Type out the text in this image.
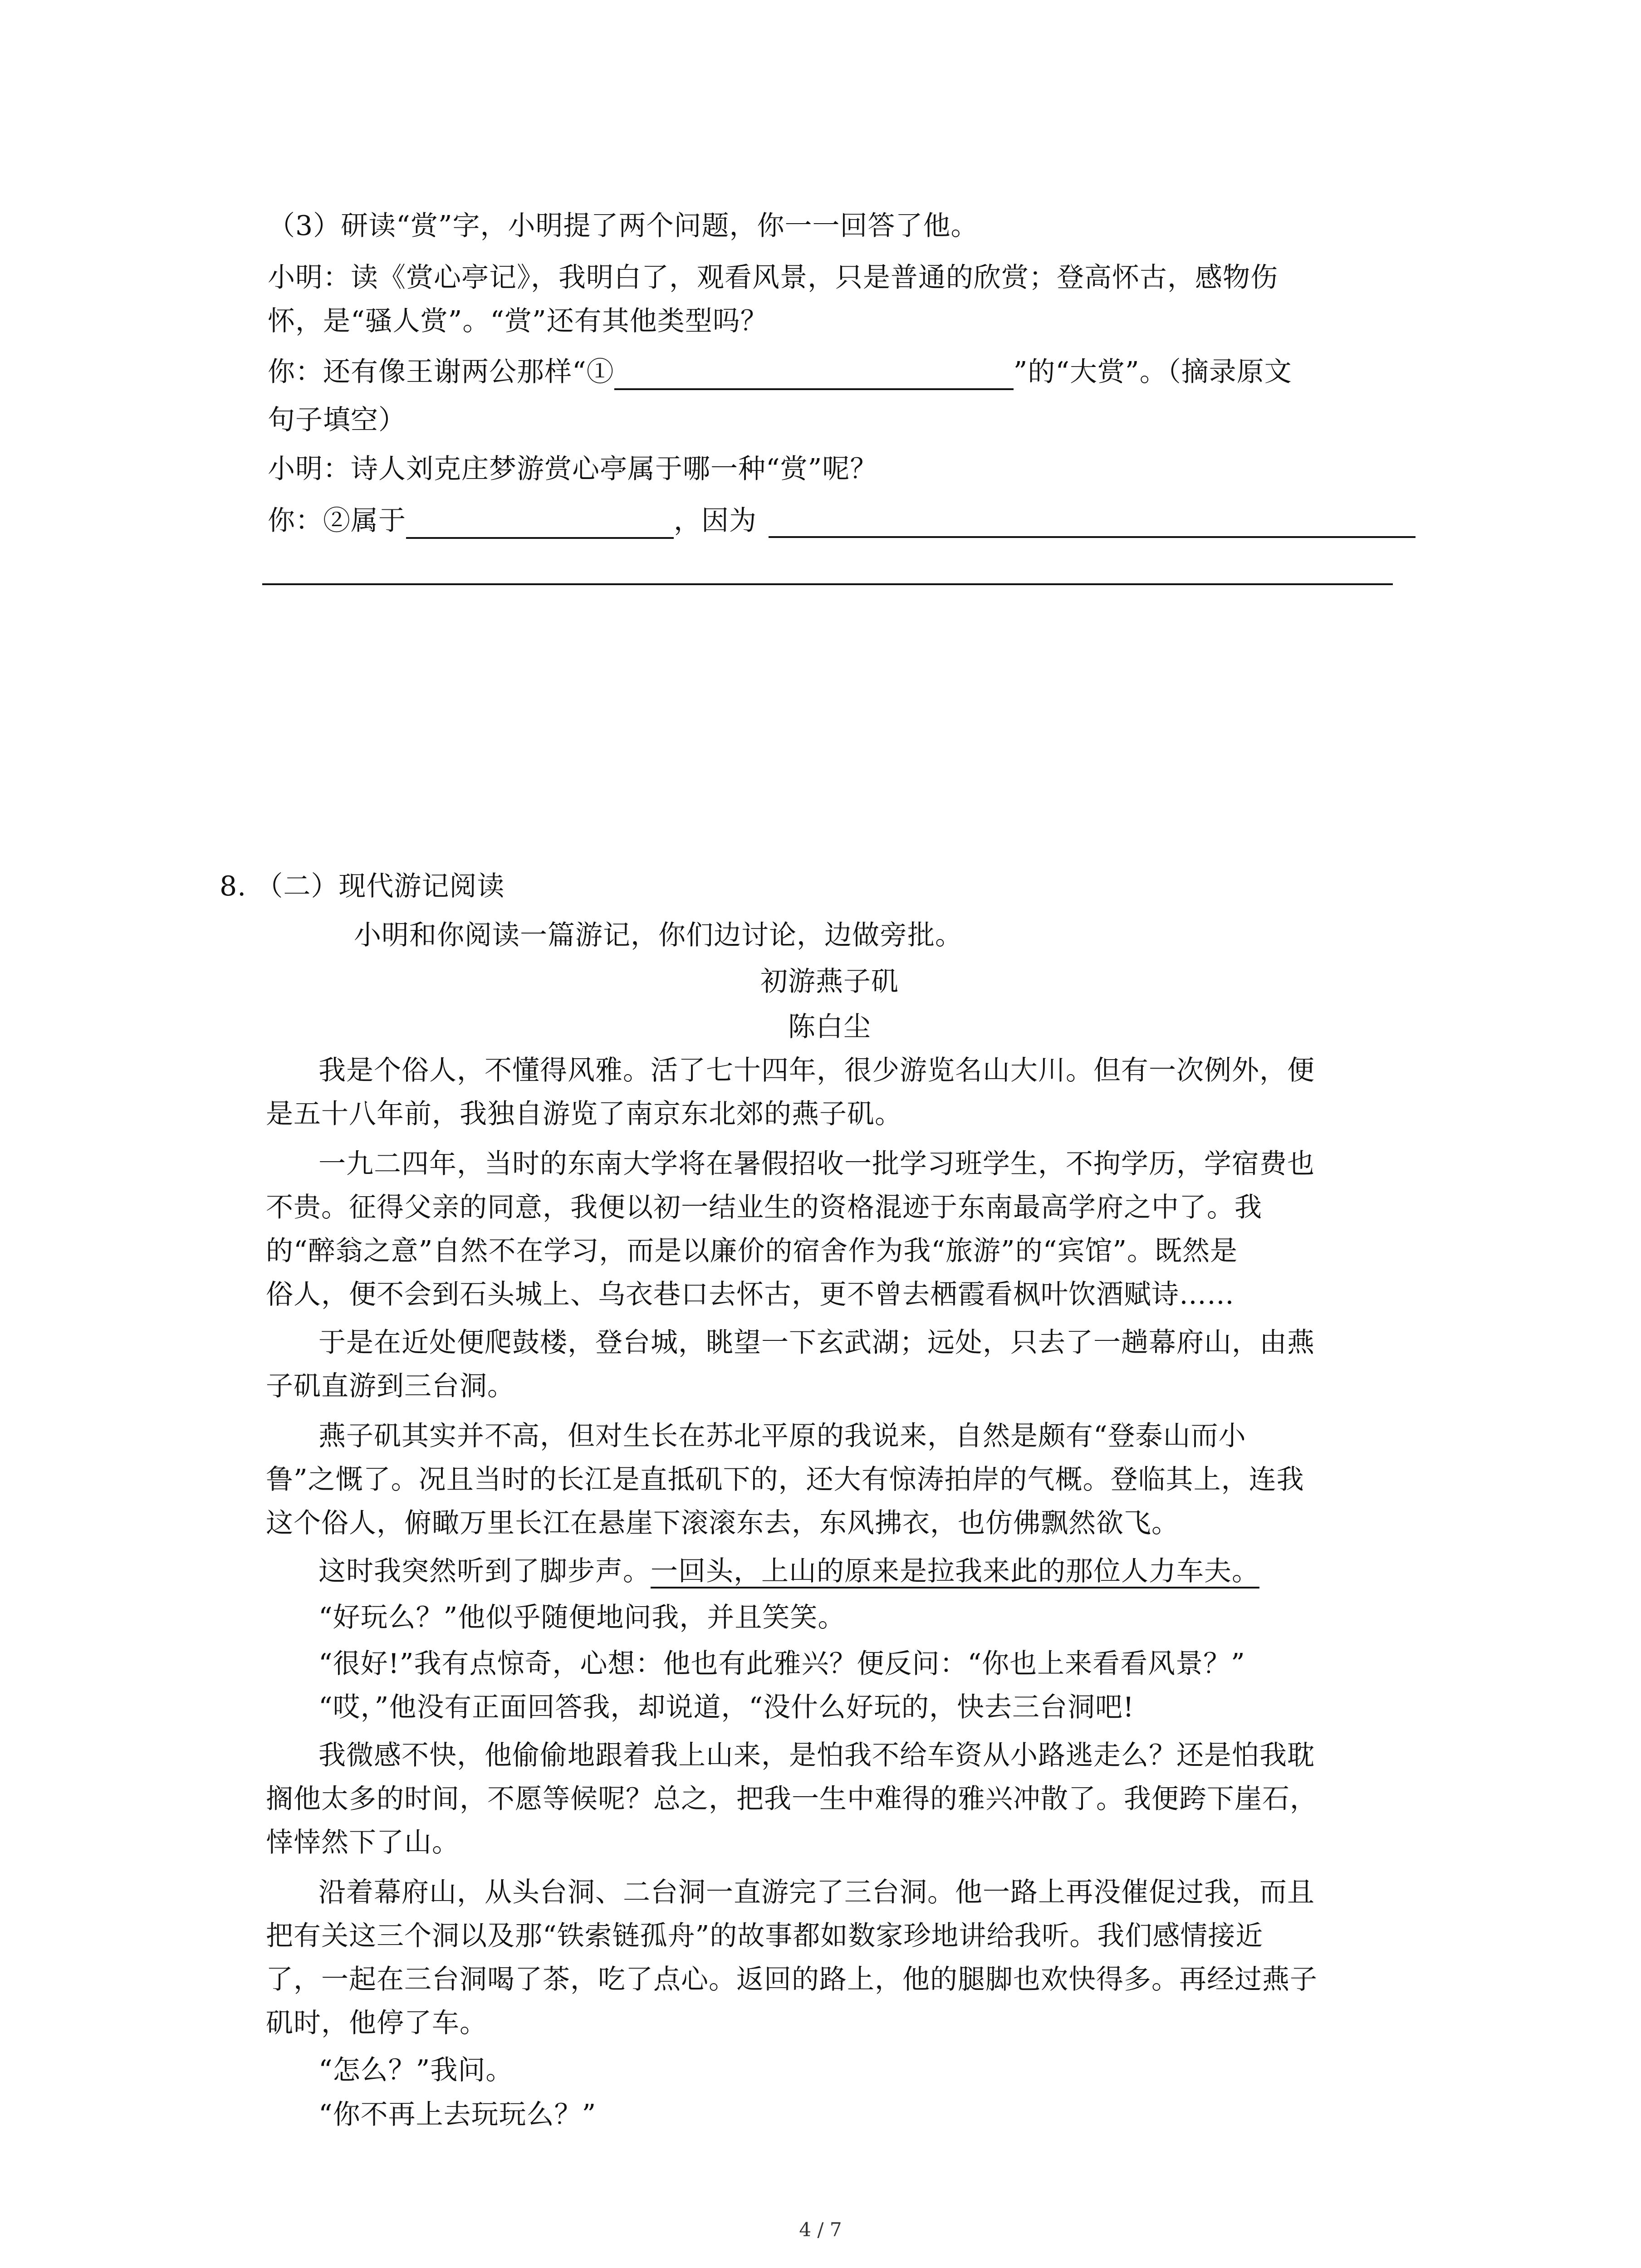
（3）研读“赏”字，小明提了两个问题，你一一回答了他。
小明：读《赏心亭记》，我明白了，观看风景，只是普通的欣赏；登高怀古，感物伤
怀，是“骚人赏”。“赏”还有其他类型吗？
你：还有像王谢两公那样“①	”的“大赏”。（摘录原文
句子填空）
小明：诗人刘克庄梦游赏心亭属于哪一种“赏”呢？
你：②属于	，因为
8. （二）现代游记阅读
小明和你阅读一篇游记，你们边讨论，边做旁批。
初游燕子矶
陈白尘
我是个俗人，不懂得风雅。活了七十四年，很少游览名山大川。但有一次例外，便
是五十八年前，我独自游览了南京东北郊的燕子矶。
一九二四年，当时的东南大学将在暑假招收一批学习班学生，不拘学历，学宿费也
不贵。征得父亲的同意，我便以初一结业生的资格混迹于东南最高学府之中了。我
的“醉翁之意”自然不在学习，而是以廉价的宿舍作为我“旅游”的“宾馆”。既然是
俗人，便不会到石头城上、乌衣巷口去怀古，更不曾去栖霞看枫叶饮酒赋诗……
于是在近处便爬鼓楼，登台城，眺望一下玄武湖；远处，只去了一趟幕府山，由燕
子矶直游到三台洞。
燕子矶其实并不高，但对生长在苏北平原的我说来，自然是颇有“登泰山而小
鲁”之慨了。况且当时的长江是直抵矶下的，还大有惊涛拍岸的气概。登临其上，连我
这个俗人，俯瞰万里长江在悬崖下滚滚东去，东风拂衣，也仿佛飘然欲飞。
这时我突然听到了脚步声。一回头，上山的原来是拉我来此的那位人力车夫。
“好玩么？”他似乎随便地问我，并且笑笑。
“很好!”我有点惊奇，心想：他也有此雅兴？便反问：“你也上来看看风景？”
“哎，”他没有正面回答我，却说道，“没什么好玩的，快去三台洞吧!
我微感不快，他偷偷地跟着我上山来，是怕我不给车资从小路逃走么？还是怕我耽
搁他太多的时间，不愿等候呢？总之，把我一生中难得的雅兴冲散了。我便跨下崖石，
悻悻然下了山。
沿着幕府山，从头台洞、二台洞一直游完了三台洞。他一路上再没催促过我，而且
把有关这三个洞以及那“铁索链孤舟”的故事都如数家珍地讲给我听。我们感情接近
了，一起在三台洞喝了茶，吃了点心。返回的路上，他的腿脚也欢快得多。再经过燕子
矶时，他停了车。
“怎么？”我问。
“你不再上去玩玩么？”
4 / 7
